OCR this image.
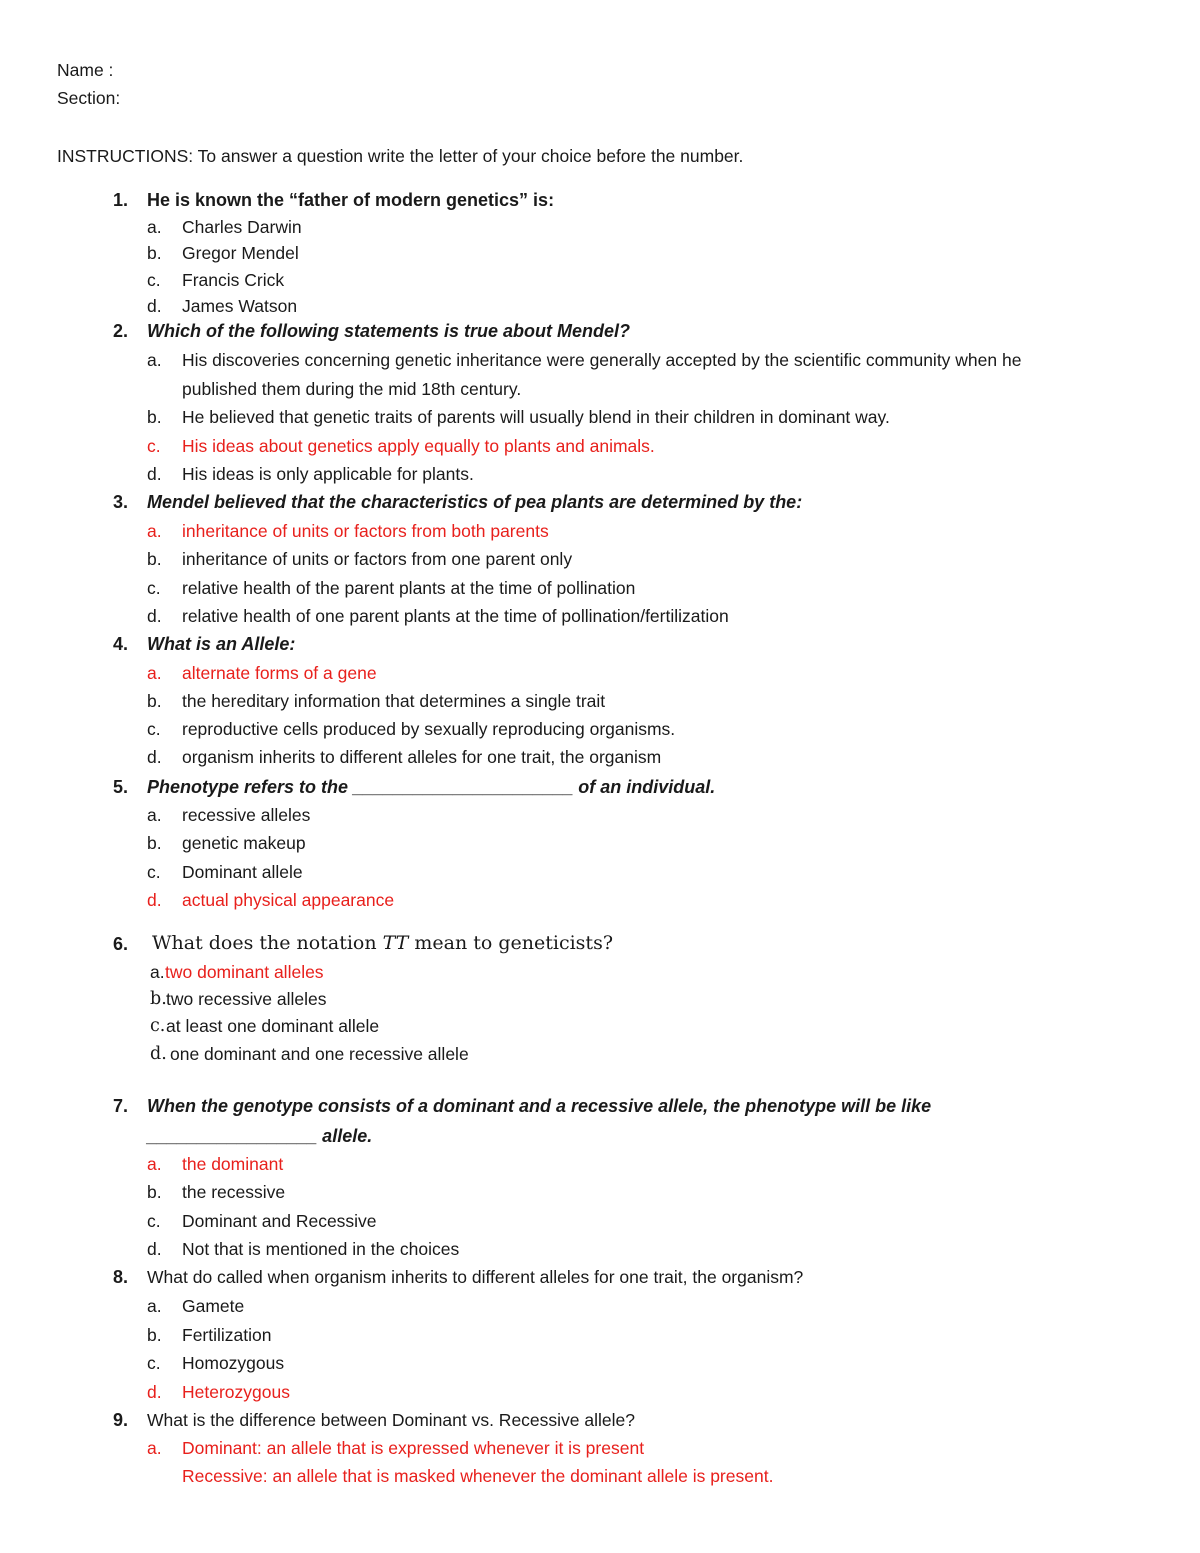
Name :
Section:
INSTRUCTIONS: To answer a question write the letter of your choice before the number.
1. He is known the “father of modern genetics” is:
a. Charles Darwin
b. Gregor Mendel
c. Francis Crick
d. James Watson
2. Which of the following statements is true about Mendel?
a. His discoveries concerning genetic inheritance were generally accepted by the scientific community when he
published them during the mid 18th century.
b. He believed that genetic traits of parents will usually blend in their children in dominant way.
c. His ideas about genetics apply equally to plants and animals.
d. His ideas is only applicable for plants.
3. Mendel believed that the characteristics of pea plants are determined by the:
a. inheritance of units or factors from both parents
b. inheritance of units or factors from one parent only
c. relative health of the parent plants at the time of pollination
d. relative health of one parent plants at the time of pollination/fertilization
4. What is an Allele:
a. alternate forms of a gene
b. the hereditary information that determines a single trait
c. reproductive cells produced by sexually reproducing organisms.
d. organism inherits to different alleles for one trait, the organism
5. Phenotype refers to the ______________________ of an individual.
a. recessive alleles
b. genetic makeup
c. Dominant allele
d. actual physical appearance
6. What does the notation TT mean to geneticists?
a. two dominant alleles
b. two recessive alleles
c. at least one dominant allele
d. one dominant and one recessive allele
7. When the genotype consists of a dominant and a recessive allele, the phenotype will be like
_________________ allele.
a. the dominant
b. the recessive
c. Dominant and Recessive
d. Not that is mentioned in the choices
8. What do called when organism inherits to different alleles for one trait, the organism?
a. Gamete
b. Fertilization
c. Homozygous
d. Heterozygous
9. What is the difference between Dominant vs. Recessive allele?
a. Dominant: an allele that is expressed whenever it is present
Recessive: an allele that is masked whenever the dominant allele is present.
